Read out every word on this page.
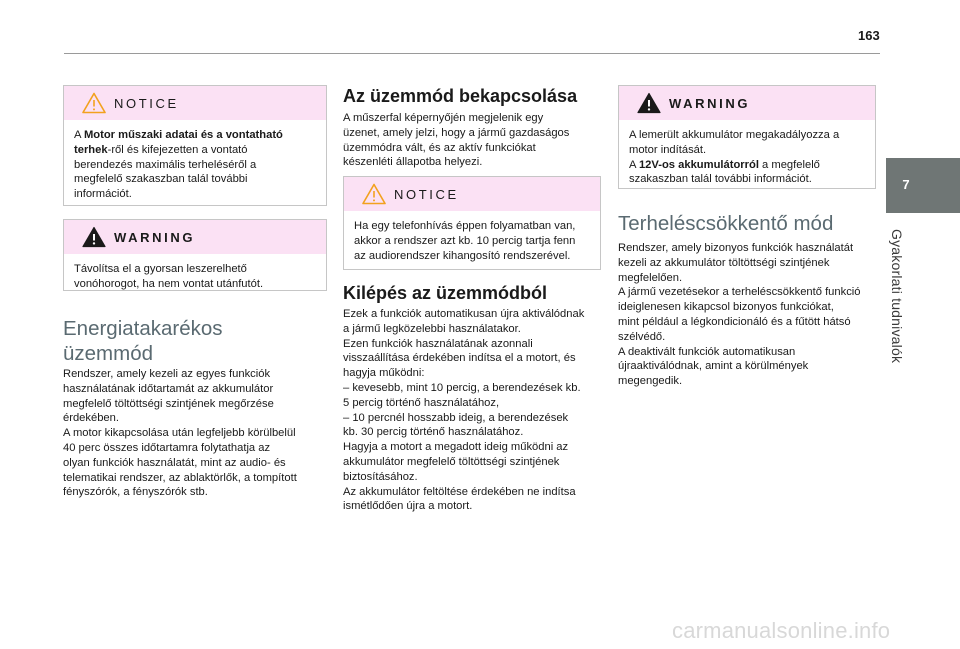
163
7
Gyakorlati tudnivalók
NOTICE
A Motor műszaki adatai és a vontatható
terhek-ről és kifejezetten a vontató
berendezés maximális terheléséről a
megfelelő szakaszban talál további
információt.
WARNING
Távolítsa el a gyorsan leszerelhető
vonóhorogot, ha nem vontat utánfutót.
Energiatakarékos
üzemmód
Rendszer, amely kezeli az egyes funkciók
használatának időtartamát az akkumulátor
megfelelő töltöttségi szintjének megőrzése
érdekében.
A motor kikapcsolása után legfeljebb körülbelül
40 perc összes időtartamra folytathatja az
olyan funkciók használatát, mint az audio- és
telematikai rendszer, az ablaktörlők, a tompított
fényszórók, a fényszórók stb.
Az üzemmód bekapcsolása
A műszerfal képernyőjén megjelenik egy
üzenet, amely jelzi, hogy a jármű gazdaságos
üzemmódra vált, és az aktív funkciókat
készenléti állapotba helyezi.
NOTICE
Ha egy telefonhívás éppen folyamatban van,
akkor a rendszer azt kb. 10 percig tartja fenn
az audiorendszer kihangosító rendszerével.
Kilépés az üzemmódból
Ezek a funkciók automatikusan újra aktiválódnak
a jármű legközelebbi használatakor.
Ezen funkciók használatának azonnali
visszaállítása érdekében indítsa el a motort, és
hagyja működni:
– kevesebb, mint 10 percig, a berendezések kb.
5 percig történő használatához,
– 10 percnél hosszabb ideig, a berendezések
kb. 30 percig történő használatához.
Hagyja a motort a megadott ideig működni az
akkumulátor megfelelő töltöttségi szintjének
biztosításához.
Az akkumulátor feltöltése érdekében ne indítsa
ismétlődően újra a motort.
WARNING
A lemerült akkumulátor megakadályozza a
motor indítását.
A 12V-os akkumulátorról a megfelelő
szakaszban talál további információt.
Terheléscsökkentő mód
Rendszer, amely bizonyos funkciók használatát
kezeli az akkumulátor töltöttségi szintjének
megfelelően.
A jármű vezetésekor a terheléscsökkentő funkció
ideiglenesen kikapcsol bizonyos funkciókat,
mint például a légkondicionáló és a fűtött hátsó
szélvédő.
A deaktivált funkciók automatikusan
újraaktiválódnak, amint a körülmények
megengedik.
carmanualsonline.info
